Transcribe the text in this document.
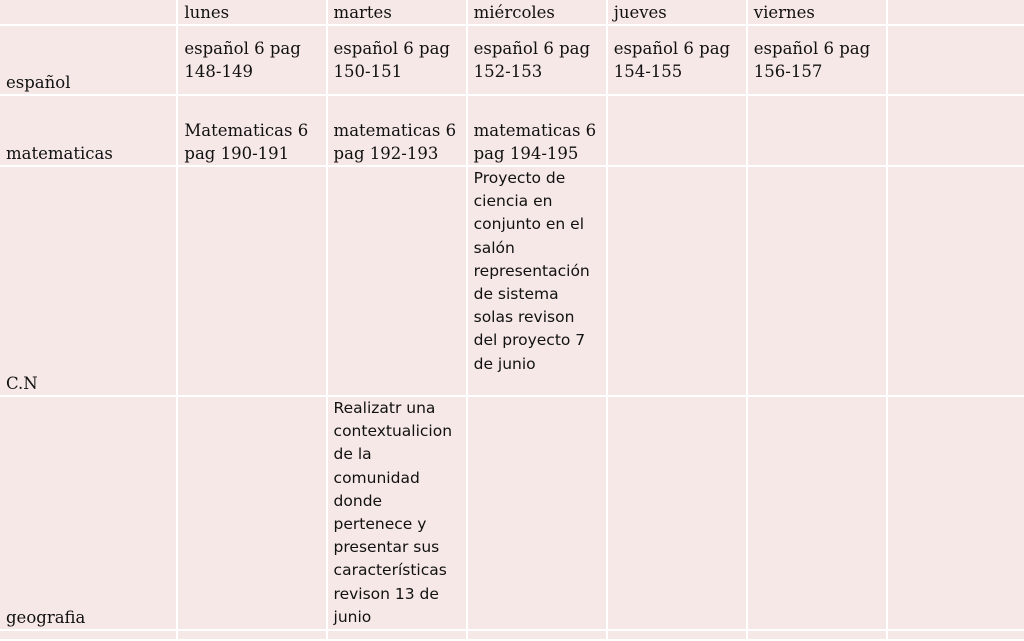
	lunes	martes	miércoles	jueves	viernes	
español	español 6 pag 148-149	español 6 pag 150-151	español 6 pag 152-153	español 6 pag 154-155	español 6 pag 156-157	
matematicas	Matematicas 6 pag 190-191	matematicas 6 pag 192-193	matematicas 6 pag 194-195			
C.N			Proyecto de ciencia en conjunto en el salón representación de sistema solas revison del proyecto 7 de junio			
geografia		Realizatr una contextualicion de la comunidad donde pertenece y presentar sus características revison 13 de junio				
